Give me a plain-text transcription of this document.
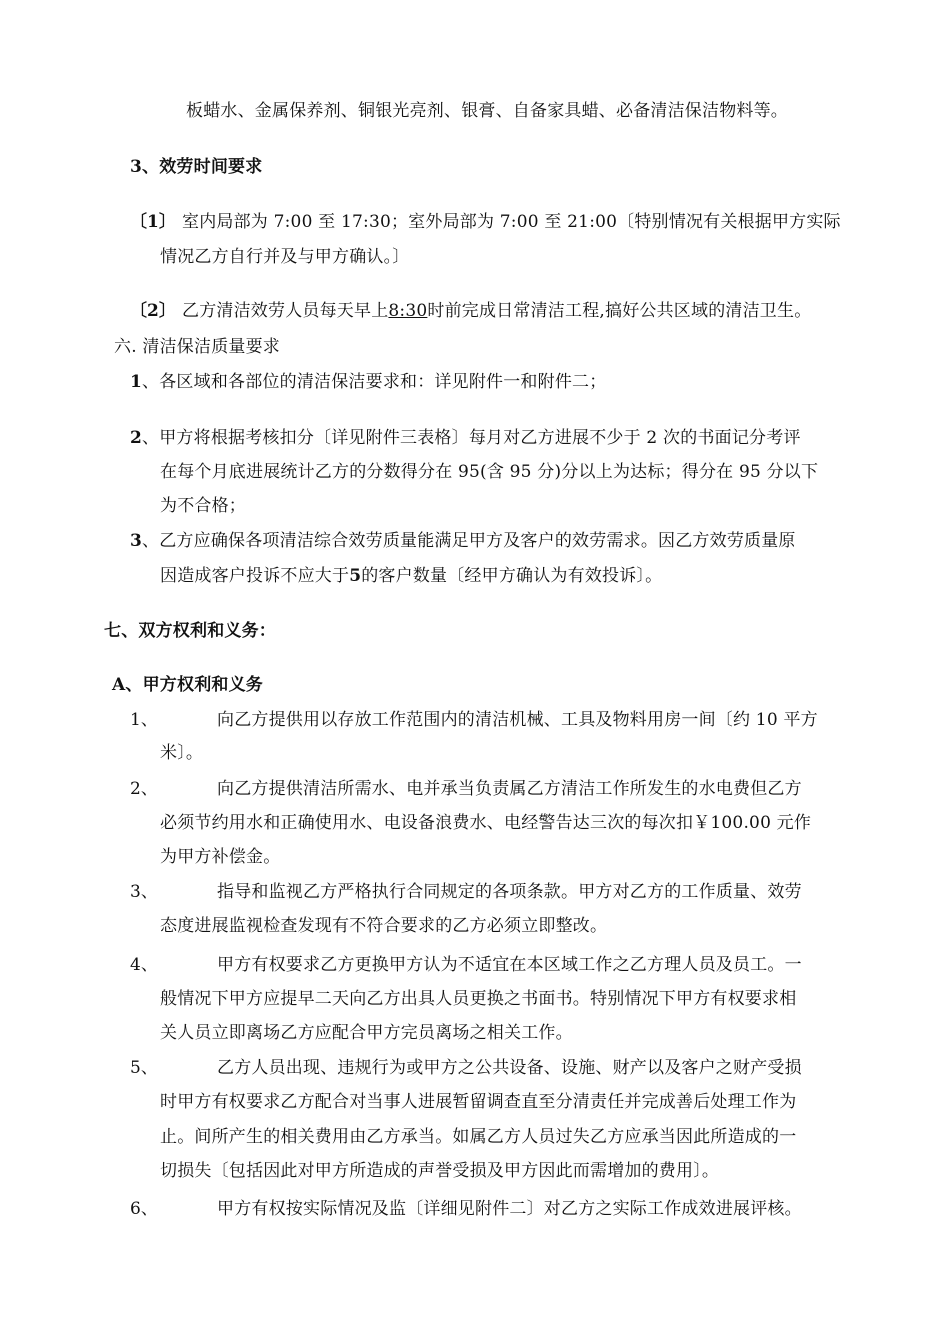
板蜡水、金属保养剂、铜银光亮剂、银膏、自备家具蜡、必备清洁保洁物料等。
3、效劳时间要求
〔1〕 室内局部为 7:00 至 17:30；室外局部为 7:00 至 21:00〔特别情况有关根据甲方实际
情况乙方自行并及与甲方确认。〕
〔2〕 乙方清洁效劳人员每天早上8:30时前完成日常清洁工程,搞好公共区域的清洁卫生。
六. 清洁保洁质量要求
1、各区域和各部位的清洁保洁要求和：详见附件一和附件二；
2、甲方将根据考核扣分〔详见附件三表格〕每月对乙方进展不少于 2 次的书面记分考评
在每个月底进展统计乙方的分数得分在 95(含 95 分)分以上为达标；得分在 95 分以下
为不合格；
3、乙方应确保各项清洁综合效劳质量能满足甲方及客户的效劳需求。因乙方效劳质量原
因造成客户投诉不应大于5的客户数量〔经甲方确认为有效投诉〕。
七、双方权利和义务：
A、甲方权利和义务
1、	向乙方提供用以存放工作范围内的清洁机械、工具及物料用房一间〔约 10 平方
米〕。
2、	向乙方提供清洁所需水、电并承当负责属乙方清洁工作所发生的水电费但乙方
必须节约用水和正确使用水、电设备浪费水、电经警告达三次的每次扣￥100.00 元作
为甲方补偿金。
3、	指导和监视乙方严格执行合同规定的各项条款。甲方对乙方的工作质量、效劳
态度进展监视检查发现有不符合要求的乙方必须立即整改。
4、	甲方有权要求乙方更换甲方认为不适宜在本区域工作之乙方理人员及员工。一
般情况下甲方应提早二天向乙方出具人员更换之书面书。特别情况下甲方有权要求相
关人员立即离场乙方应配合甲方完员离场之相关工作。
5、	乙方人员出现、违规行为或甲方之公共设备、设施、财产以及客户之财产受损
时甲方有权要求乙方配合对当事人进展暂留调查直至分清责任并完成善后处理工作为
止。间所产生的相关费用由乙方承当。如属乙方人员过失乙方应承当因此所造成的一
切损失〔包括因此对甲方所造成的声誉受损及甲方因此而需增加的费用〕。
6、	甲方有权按实际情况及监〔详细见附件二〕对乙方之实际工作成效进展评核。
